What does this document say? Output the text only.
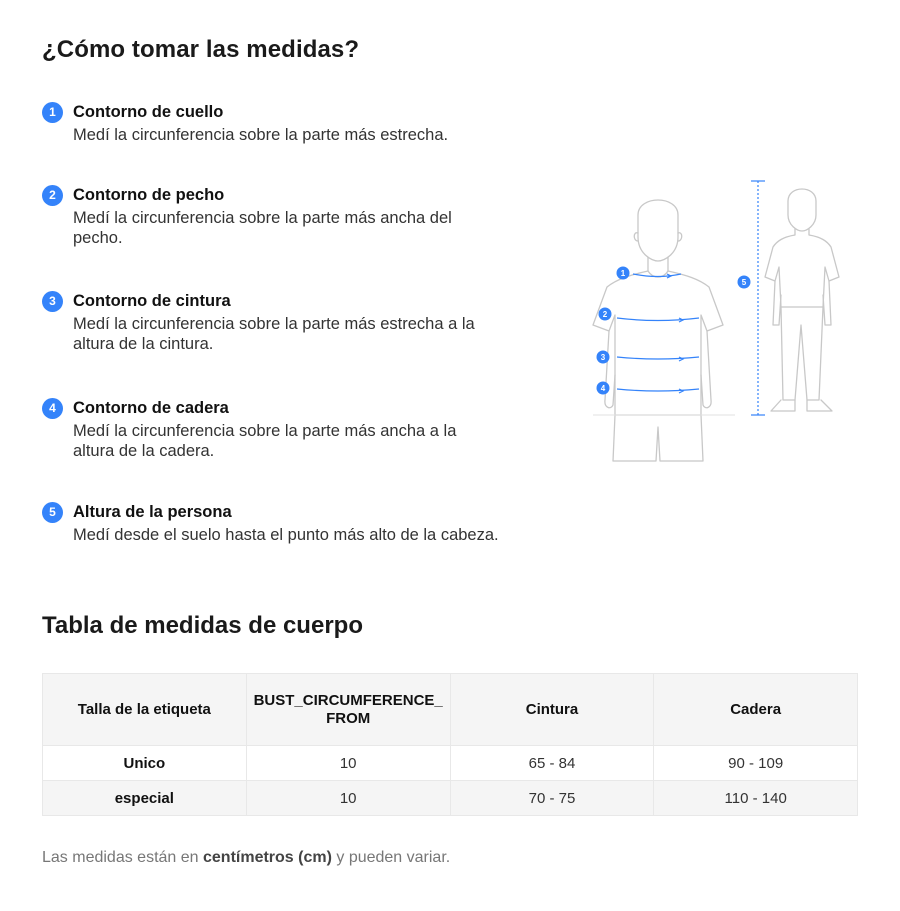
¿Cómo tomar las medidas?
1	Contorno de cuello
Medí la circunferencia sobre la parte más estrecha.
2	Contorno de pecho
Medí la circunferencia sobre la parte más ancha del pecho.
3	Contorno de cintura
Medí la circunferencia sobre la parte más estrecha a la altura de la cintura.
4	Contorno de cadera
Medí la circunferencia sobre la parte más ancha a la altura de la cadera.
5	Altura de la persona
Medí desde el suelo hasta el punto más alto de la cabeza.
1
2
3
4
5
Tabla de medidas de cuerpo
Talla de la etiqueta	BUST_CIRCUMFERENCE_ FROM	Cintura	Cadera
Unico	10	65 - 84	90 - 109
especial	10	70 - 75	110 - 140
Las medidas están en centímetros (cm) y pueden variar.
